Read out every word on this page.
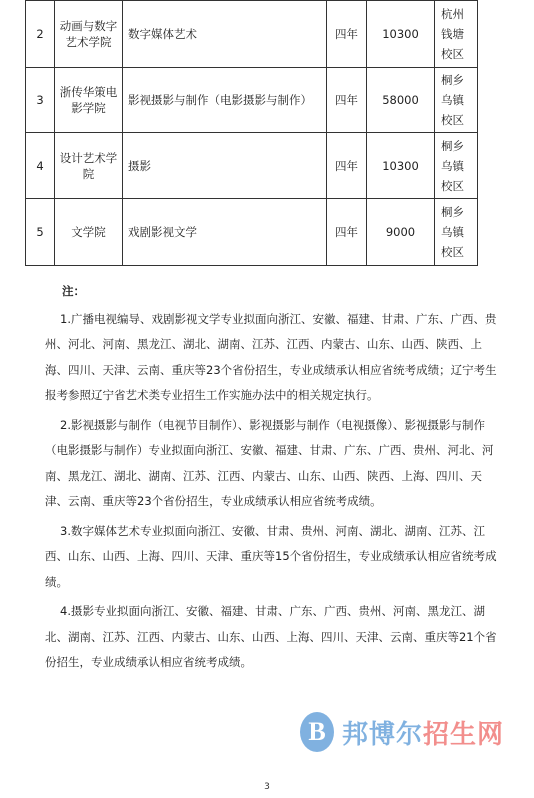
2	动画与数字艺术学院	数字媒体艺术	四年	10300	杭州钱塘校区
3	浙传华策电影学院	影视摄影与制作（电影摄影与制作）	四年	58000	桐乡乌镇校区
4	设计艺术学院	摄影	四年	10300	桐乡乌镇校区
5	文学院	戏剧影视文学	四年	9000	桐乡乌镇校区
注：

1.广播电视编导、戏剧影视文学专业拟面向浙江、安徽、福建、甘肃、广东、广西、贵州、河北、河南、黑龙江、湖北、湖南、江苏、江西、内蒙古、山东、山西、陕西、上海、四川、天津、云南、重庆等23个省份招生，专业成绩承认相应省统考成绩；辽宁考生报考参照辽宁省艺术类专业招生工作实施办法中的相关规定执行。

2.影视摄影与制作（电视节目制作）、影视摄影与制作（电视摄像）、影视摄影与制作（电影摄影与制作）专业拟面向浙江、安徽、福建、甘肃、广东、广西、贵州、河北、河南、黑龙江、湖北、湖南、江苏、江西、内蒙古、山东、山西、陕西、上海、四川、天津、云南、重庆等23个省份招生，专业成绩承认相应省统考成绩。

3.数字媒体艺术专业拟面向浙江、安徽、甘肃、贵州、河南、湖北、湖南、江苏、江西、山东、山西、上海、四川、天津、重庆等15个省份招生，专业成绩承认相应省统考成绩。

4.摄影专业拟面向浙江、安徽、福建、甘肃、广东、广西、贵州、河南、黑龙江、湖北、湖南、江苏、江西、内蒙古、山东、山西、上海、四川、天津、云南、重庆等21个省份招生，专业成绩承认相应省统考成绩。

B 邦博尔招生网
3
